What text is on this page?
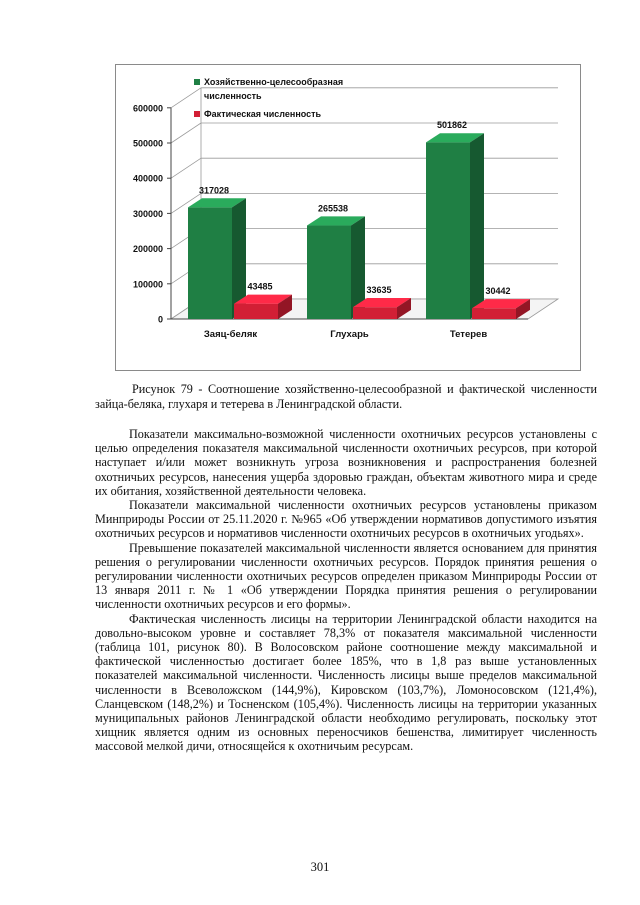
0
100000
200000
300000
400000
500000
600000
317028
43485
Заяц-беляк
265538
33635
Глухарь
501862
30442
Тетерев
Хозяйственно-целесообразная
численность
Фактическая численность
Рисунок 79 - Соотношение хозяйственно-целесообразной и фактической численности зайца-беляка, глухаря и тетерева в Ленинградской области.

Показатели максимально-возможной численности охотничьих ресурсов установлены с целью определения показателя максимальной численности охотничьих ресурсов, при которой наступает и/или может возникнуть угроза возникновения и распространения болезней охотничьих ресурсов, нанесения ущерба здоровью граждан, объектам животного мира и среде их обитания, хозяйственной деятельности человека.

Показатели максимальной численности охотничьих ресурсов установлены приказом Минприроды России от 25.11.2020 г. №965 «Об утверждении нормативов допустимого изъятия охотничьих ресурсов и нормативов численности охотничьих ресурсов в охотничьих угодьях».

Превышение показателей максимальной численности является основанием для принятия решения о регулировании численности охотничьих ресурсов. Порядок принятия решения о регулировании численности охотничьих ресурсов определен приказом Минприроды России от 13 января 2011 г. № 1 «Об утверждении Порядка принятия решения о регулировании численности охотничьих ресурсов и его формы».

Фактическая численность лисицы на территории Ленинградской области находится на довольно-высоком уровне и составляет 78,3% от показателя максимальной численности (таблица 101, рисунок 80). В Волосовском районе соотношение между максимальной и фактической численностью достигает более 185%, что в 1,8 раз выше установленных показателей максимальной численности. Численность лисицы выше пределов максимальной численности в Всеволожском (144,9%), Кировском (103,7%), Ломоносовском (121,4%), Сланцевском (148,2%) и Тосненском (105,4%). Численность лисицы на территории указанных муниципальных районов Ленинградской области необходимо регулировать, поскольку этот хищник является одним из основных переносчиков бешенства, лимитирует численность массовой мелкой дичи, относящейся к охотничьим ресурсам.

301
